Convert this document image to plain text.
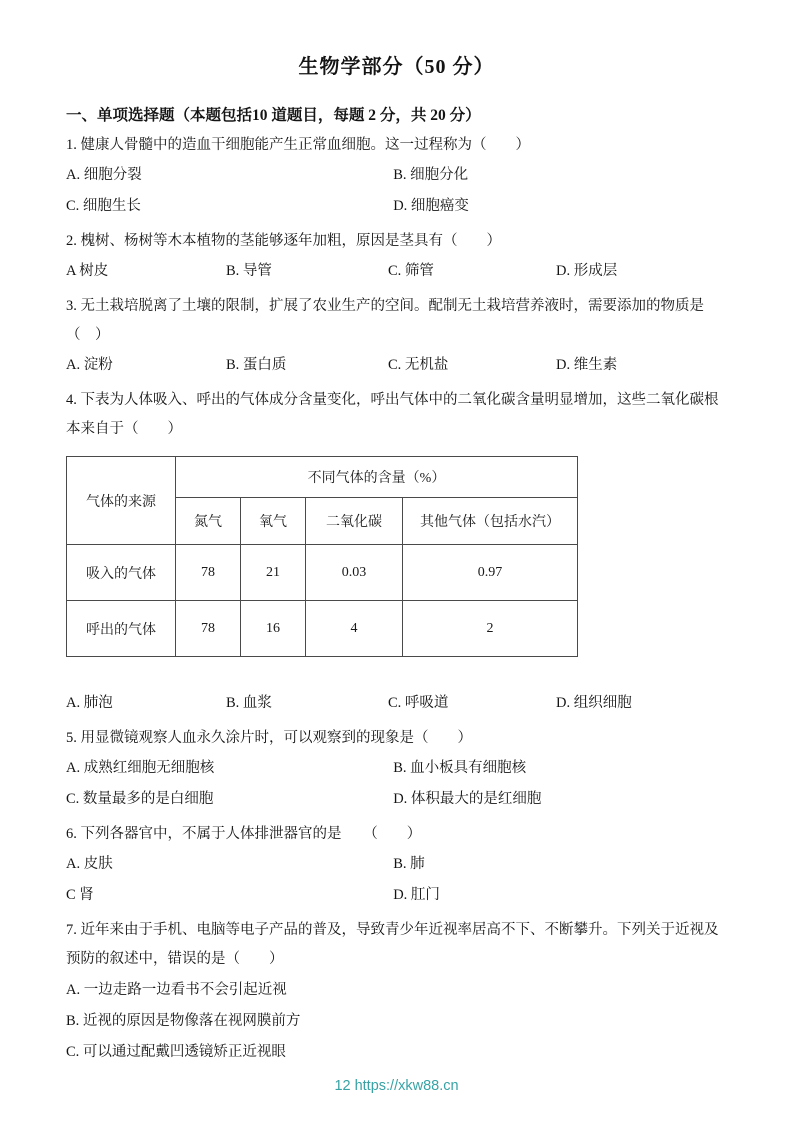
生物学部分（50 分）
一、单项选择题（本题包括10 道题目，每题 2 分，共 20 分）
1. 健康人骨髓中的造血干细胞能产生正常血细胞。这一过程称为（　　）
A. 细胞分裂	B. 细胞分化
C. 细胞生长	D. 细胞癌变
2. 槐树、杨树等木本植物的茎能够逐年加粗，原因是茎具有（　　）
A 树皮	B. 导管	C. 筛管	D. 形成层
3. 无土栽培脱离了土壤的限制，扩展了农业生产的空间。配制无土栽培营养液时，需要添加的物质是（　）
A. 淀粉	B. 蛋白质	C. 无机盐	D. 维生素
4. 下表为人体吸入、呼出的气体成分含量变化，呼出气体中的二氧化碳含量明显增加，这些二氧化碳根本来自于（　　）
气体的来源	不同气体的含量（%）			
	氮气	氧气	二氧化碳	其他气体（包括水汽）
吸入的气体	78	21	0.03	0.97
呼出的气体	78	16	4	2
A. 肺泡	B. 血浆	C. 呼吸道	D. 组织细胞
5. 用显微镜观察人血永久涂片时，可以观察到的现象是（　　）
A. 成熟红细胞无细胞核	B. 血小板具有细胞核
C. 数量最多的是白细胞	D. 体积最大的是红细胞
6. 下列各器官中，不属于人体排泄器官的是　　（　　）
A. 皮肤	B. 肺
C 肾	D. 肛门
7. 近年来由于手机、电脑等电子产品的普及，导致青少年近视率居高不下、不断攀升。下列关于近视及预防的叙述中，错误的是（　　）
A. 一边走路一边看书不会引起近视
B. 近视的原因是物像落在视网膜前方
C. 可以通过配戴凹透镜矫正近视眼
12 https://xkw88.cn
